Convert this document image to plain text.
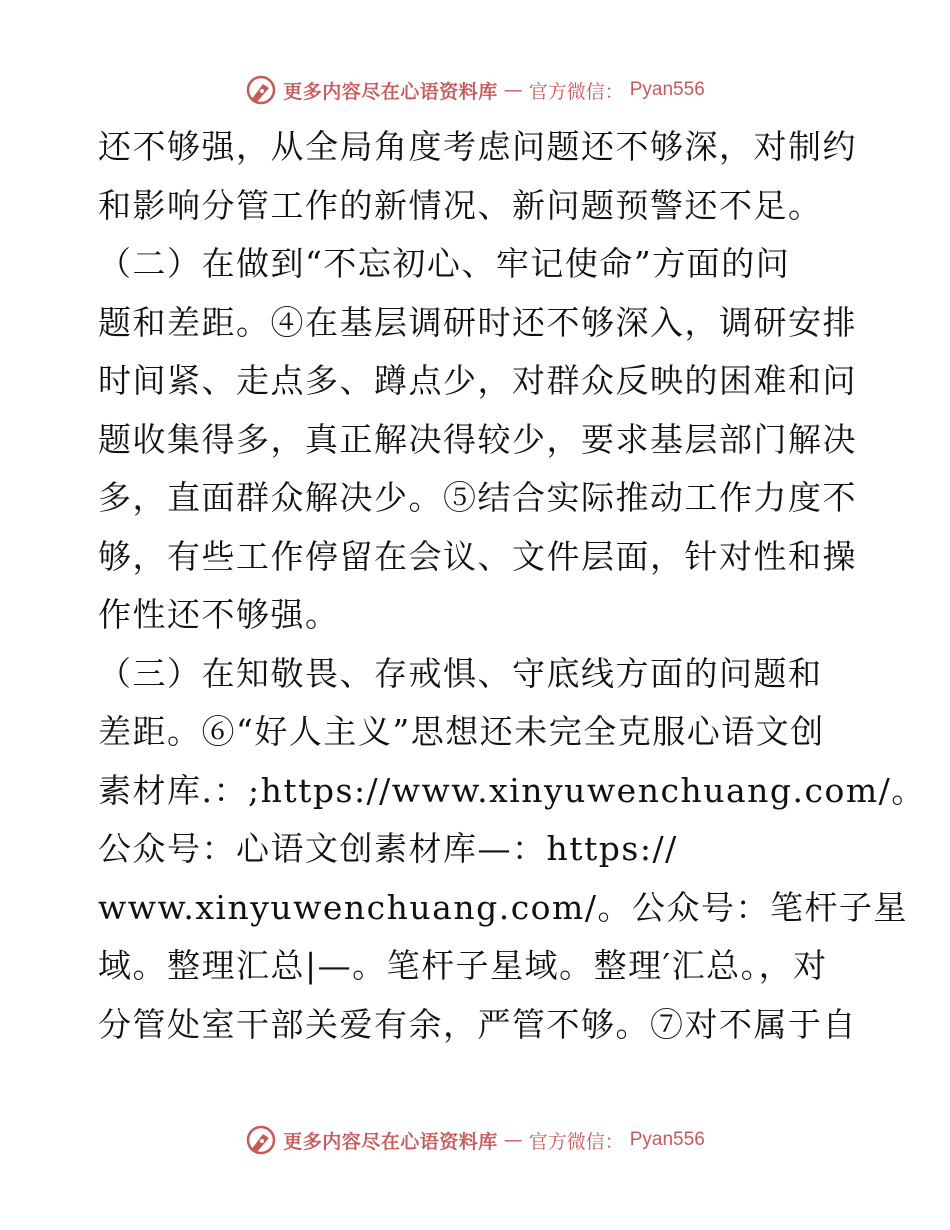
更多内容尽在心语资料库 — 官方微信： Pyan556
还不够强，从全局角度考虑问题还不够深，对制约
和影响分管工作的新情况、新问题预警还不足。
（二）在做到“不忘初心、牢记使命”方面的问
题和差距。④在基层调研时还不够深入，调研安排
时间紧、走点多、蹲点少，对群众反映的困难和问
题收集得多，真正解决得较少，要求基层部门解决
多，直面群众解决少。⑤结合实际推动工作力度不
够，有些工作停留在会议、文件层面，针对性和操
作性还不够强。
（三）在知敬畏、存戒惧、守底线方面的问题和
差距。⑥“好人主义”思想还未完全克服心语文创
素材库.：;https://www.xinyuwenchuang.com/。
公众号：心语文创素材库—：https://
www.xinyuwenchuang.com/。公众号：笔杆子星
域。整理汇总|—。笔杆子星域。整理′汇总。，对
分管处室干部关爱有余，严管不够。⑦对不属于自
更多内容尽在心语资料库 — 官方微信： Pyan556
